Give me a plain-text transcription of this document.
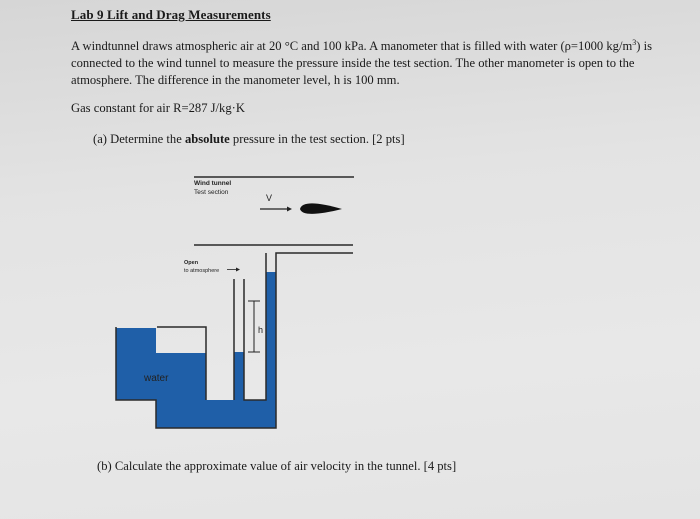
Lab 9 Lift and Drag Measurements
A windtunnel draws atmospheric air at 20 °C and 100 kPa. A manometer that is filled with water (ρ=1000 $kg/m^3$) is connected to the wind tunnel to measure the pressure inside the test section. The other manometer is open to the atmosphere. The difference in the manometer level, h is 100 mm.
Gas constant for air R=287 J/kg·K
(a) Determine the absolute pressure in the test section. [2 pts]
Wind tunnel
Test section
V
Open
to atmosphere
h
water
(b) Calculate the approximate value of air velocity in the tunnel. [4 pts]
